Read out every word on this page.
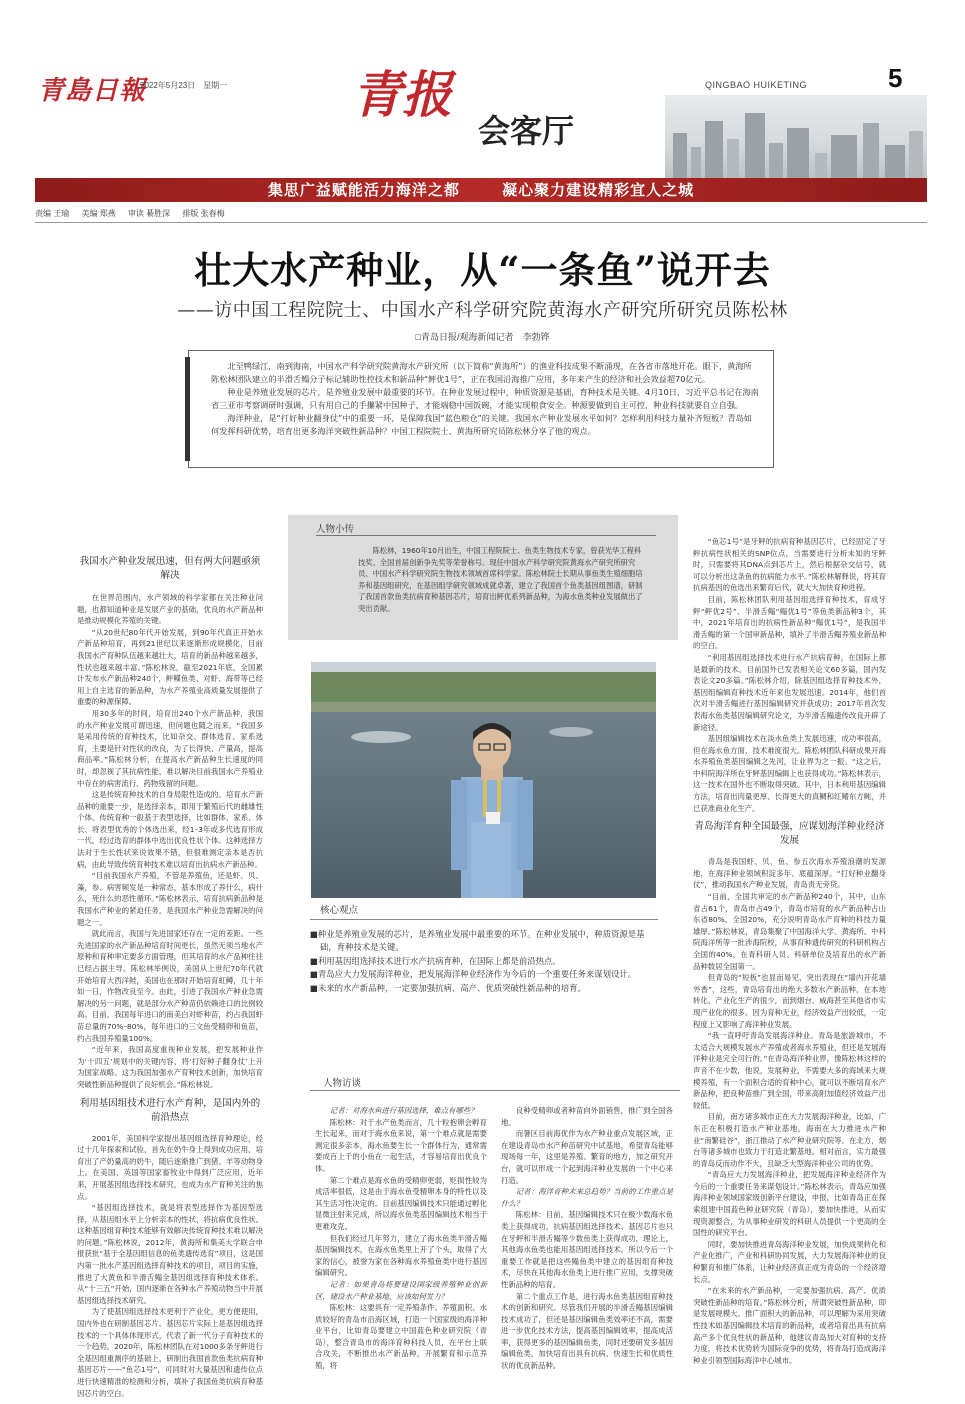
青島日報
2022年5月23日　星期一 青报
会客厅
QINGBAO HUIKETING	5
集思广益赋能活力海洋之都	凝心聚力建设精彩宜人之城
责编 王瑜 美编 郑燕 审读 綦胜深 排版 张春梅
壮大水产种业，从“一条鱼”说开去
——访中国工程院院士、中国水产科学研究院黄海水产研究所研究员陈松林
□青岛日报/观海新闻记者　李勃铧

北至鸭绿江，南到海南，中国水产科学研究院黄海水产研究所（以下简称“黄海所”）的渔业科技成果不断涌现，在各省市落地开花。眼下，黄海所陈松林团队建立的半滑舌鳎分子标记辅助性控技术和新品种“鲆优1号”，正在我国沿海推广应用，多年来产生的经济和社会效益超70亿元。

种业是养殖业发展的芯片，是养殖业发展中最重要的环节。在种业发展过程中，种质资源是基础，育种技术是关键。4月10日，习近平总书记在海南省三亚市考察调研时强调，只有用自己的手攥紧中国种子，才能端稳中国饭碗，才能实现粮食安全。种源要做到自主可控，种业科技就要自立自强。

海洋种业，是“打好种业翻身仗”中的重要一环，是保障我国“蓝色粮仓”的关键。我国水产种业发展水平如何？怎样利用科技力量补齐短板？青岛如何发挥科研优势，培育出更多海洋突破性新品种？中国工程院院士、黄海所研究员陈松林分享了他的观点。

我国水产种业发展迅速，但有两大问题亟须解决

在世界范围内，水产领域的科学家都在关注种业问题，也都知道种业是发展产业的基础，优良的水产新品种是推动规模化养殖的关键。

“从20世纪80年代开始发展，到90年代真正开始水产新品种培育，再到21世纪以来逐渐形成规模化，目前我国水产育种队伍越来越壮大，培育的新品种越来越多，性状也越来越丰富。”陈松林说，截至2021年底，全国累计发布水产新品种240个，鲆鲽鱼类、对虾、海带等已经用上自主选育的新品种，为水产养殖业高质量发展提供了重要的种源保障。

用30多年的时间，培育出240个水产新品种，我国的水产种业发展可谓迅速，但问题也随之而来。“我国多是采用传统的育种技术，比如杂交、群体选育、家系选育，主要是针对性状的改良，为了长得快、产量高，提高商品率。”陈松林分析，在提高水产新品种生长速度的同时，却忽视了其抗病性能，难以解决目前我国水产养殖业中存在的病害流行、药物残留的问题。

这是传统育种技术的自身局限性造成的。培育水产新品种的重要一步，是选择亲本，即用于繁殖后代的雌雄性个体。传统育种一般基于表型选择，比如群体、家系、体长、将表型优秀的个体选出来，经1–3年或多代选育形成一代，经过选育的群体中选出优良性状个体。这种选择方法对于生长性状来说效果不错，但很难测定亲本是否抗病，由此导致传统育种技术难以培育出抗病水产新品种。

“目前我国水产养殖，不管是养殖鱼，还是虾、贝、藻，参、病害频发是一种常态，基本形成了养什么，病什么，死什么的恶性循环。”陈松林表示，培育抗病新品种是我国水产种业的紧迫任务，是我国水产种业急需解决的问题之一。

就此而言，我国与先进国家还存在一定的差距。一些先进国家的水产新品种培育时间更长，虽然无须当地水产原种和育种率定要多方面管理，但其培育的水产品种往往已经占据主导。陈松林举例说，美国从上世纪70年代就开始培育大西洋鲑，美国也在那时开始培育虹鳟，几十年如一日，作物改良至今。由此，引进了我国水产种业急需解决的另一问题，就是部分水产种苗仍依赖进口的比例较高。目前，我国每年进口的南美白对虾种苗，约占我国虾苗总量的70%–80%，每年进口的三文鱼受精卵和鱼苗，约占我国养殖量100%。

“近年来，我国高度重视种业发展，把发展种业作为‘十四五’规划中的关键内容，将‘打好种子翻身仗’上升为国家战略。这为我国加强水产育种技术创新，加快培育突破性新品种提供了良好机会。”陈松林说。

利用基因组技术进行水产育种，是国内外的前沿热点

2001年，美国科学家提出基因组选择育种理论，经过十几年探索和试验，首先在奶牛身上得到成功应用，培育出了产奶量高的奶牛，随后逐渐推广到猪、羊等动物身上。在美国、英国等国家畜牧业中得到广泛应用，近年来，开展基因组选择技术研究，也成为水产育种关注的焦点。

“基因组选择技术，就是将表型选择作为基因型选择，从基因组水平上分析亲本的性状，将抗病优良性状。这种基因组育种技术能够有效解决传统育种技术难以解决的问题。”陈松林说，2012年，黄海所和集美大学联合申报获批“基于全基因组信息的鱼类遗传选育”项目，这是国内第一批水产基因组选择育种技术的项目，项目的实施，推进了大黄鱼和半滑舌鳎全基因组选择育种技术体系。从“十三五”开始，国内逐渐在各种水产养殖动物当中开展基因组选择技术研究。

为了使基因组选择技术更利于产业化，更方便使用，国内外也在研制基因芯片。基因芯片实际上是基因组选择技术的一个具体体现形式，代表了新一代分子育种技术的一个趋势。2020年，陈松林团队在对1000多条牙鲆进行全基因组重测序的基础上，研制出我国首款鱼类抗病育种基因芯片——“鱼芯1号”，可同时对大量基因和遗传位点进行快速精准的检测和分析，填补了我国鱼类抗病育种基因芯片的空白。

人物小传

陈松林，1960年10月出生，中国工程院院士、鱼类生物技术专家，曾获光华工程科技奖、全国首届创新争先奖等荣誉称号。现任中国水产科学研究院黄海水产研究所研究员、中国水产科学研究院生物技术领域首席科学家。陈松林院士长期从事鱼类生殖细胞培养和基因组研究，在基因组学研究领域成就卓著，建立了我国首个鱼类基因组图谱，研制了我国首款鱼类抗病育种基因芯片，培育出鲆优系列新品种，为海水鱼类种业发展做出了突出贡献。

核心观点
■种业是养殖业发展的芯片，是养殖业发展中最重要的环节。在种业发展中，种质资源是基础，育种技术是关键。
■利用基因组选择技术进行水产抗病育种，在国际上都是前沿热点。
■青岛应大力发展海洋种业，把发展海洋种业经济作为今后的一个重要任务来谋划设计。
■未来的水产新品种，一定要加强抗病、高产、优质突破性新品种的培育。
人物访谈

记者：对海水鱼进行基因选择，难点有哪些？

陈松林：对于水产鱼类而言，几十粒抱卵会孵育生长起来，而对于海水鱼来说，第一个难点就是需要测定很多亲本，海水鱼要生长一个群体行为，通常需要成百上千的小鱼在一起生活，才容易培育出优良个体。

第二个难点是海水鱼的受精卵更弱，贬损性较为成活率很低，这是由于海水鱼受精卵本身的特性以及其生活习性决定的。目前基因编辑技术只能通过孵化显微注射来完成，所以海水鱼类基因编辑技术相当于更难攻克。

但我们经过几年努力，建立了海水鱼类半滑舌鳎基因编辑技术，在海水鱼类里上开了个头，取得了大家的信心，被誉为家在各种海水养殖鱼类中进行基因编辑研究。

记者：如果青岛将要建设国家级养殖种业创新区，建设水产种业基地，应该如何发力？

陈松林：这要具有一定养殖条件、养殖面积、水质较好的青岛市沿海区域，打造一个国家级的海洋种业平台，比如青岛要建立中国蓝色种业研究院（青岛），整合青岛市的海洋育种科技人员，在平台上联合攻关，不断推出水产新品种，开展繁育和示范养殖，将

良种受精卵或者种苗向外面销售，推广到全国各地。

而暑区目前海优作为水产种业重点发展区域，正在建设青岛市水产种苗研究中试基地，希望青岛能够现场每一年，这里是养殖、繁育的地方，加之研究开台，就可以形成一个起到海洋种业发展的一个中心来打造。

记者：海洋育种未来总趋势？当前的工作重点是什么？

陈松林：目前，基因编辑技术只在极少数海水鱼类上获得成功，抗病基因组选择技术、基因芯片也只在牙鲆和半滑舌鳎等少数鱼类上获得成功，理论上，其他海水鱼类也能用基因组选择技术。所以今后一个重要工作就是把这些鳎鱼类中建立的基因组育种技术，尽快在其他海水鱼类上进行推广应用，支撑突破性新品种的培育。

第二个重点工作是，进行海水鱼类基因组育种技术的创新和研究。尽管我们开展的半滑舌鳎基因编辑技术成功了，但还是基因编辑鱼类效率还不高，需要进一步优化技术方法，提高基因编辑效率，提高成活率，获得更多的基因编辑鱼类，同时还要研发多基因编辑鱼类，加快培育出具有抗病、快速生长和优质性状的优良新品种。

“鱼芯1号”是牙鲆的抗病育种基因芯片，已经固定了牙鲆抗病性状相关的SNP位点，当需要进行分析未知的牙鲆时，只需要将其DNA点到芯片上，然后根据杂交信号，就可以分析出这条鱼的抗病能力水平。”陈松林解释说，将其育抗病基因的鱼选出来繁育后代，就大大加快育种进程。

目前，陈松林团队利用基因组选择育种技术，育成牙鲆“鲆优2号”、半滑舌鳎“鳎优1号”等鱼类新品种3个，其中，2021年培育出的抗病性新品种“鳎优1号”，是我国半滑舌鳎的第一个国审新品种，填补了半滑舌鳎养殖业新品种的空白。

“利用基因组选择技术进行水产抗病育种，在国际上都是最新的技术。目前国外已发表相关论文60多篇，国内发表论文20多篇。”陈松林介绍，除基因组选择育种技术外，基因组编辑育种技术近年来也发展迅速。2014年，他们首次对半滑舌鳎进行基因编辑研究并获成功；2017年首次发表海水鱼类基因编辑研究论文，为半滑舌鳎遗传改良开辟了新途径。

基因组编辑技术在淡水鱼类上发展迅速，成功率很高，但在海水鱼方面，技术难度很大。陈松林团队科研成果开海水养殖鱼类基因编辑之先河，让业界为之一振。“这之后，中科院海洋所在牙鲆基因编辑上也获得成功。”陈松林表示，这一技术在国外也不断取得突破。其中，日本利用基因编辑方法，培育出肉量更厚、长得更大的真鲷和红鳍东方鲀，并已获准商业化生产。

青岛海洋育种全国最强，应谋划海洋种业经济发展

青岛是我国虾、贝、鱼、参五次海水养殖浪潮的发源地，在海洋种业领域积淀多年、底蕴深厚。“打好种业翻身仗”，推动我国水产种业发展，青岛责无旁贷。

“目前，全国共审定的水产新品种240个，其中，山东省占61个，青岛市占49个，青岛市培育的水产新品种占山东省80%、全国20%，充分说明青岛水产育种的科技力量雄厚。”陈松林说，青岛集聚了中国海洋大学、黄海所、中科院海洋所等一批涉海院校，从事育种遗传研究的科研机构占全国的40%，在青科研人员、科研单位及培育出的水产新品种数居全国第一。

但青岛的“短板”也显而易见，突出表现在“墙内开花墙外香”，这些，青岛培育出的绝大多数水产新品种，在本地转化、产业化生产的很少，而到烟台、威海甚至其他省市实现产业化的很多。因为育种无业，经济效益产出较低，一定程度上又影响了海洋种业发展。

“我一直呼吁青岛发展海洋种业。青岛是旅游城市，不太适合大规模发展水产养殖或者海水养殖业，但还是发展海洋种业是完全可行的。”在青岛海洋种业界，像陈松林这样的声音不在少数，他说，发展种业，不需要大多的海域来大规模养殖，有一个面积合适的育种中心，就可以不断培育水产新品种，把良种苗推广到全国，带来高附加值经济效益产出较低。

目前，南方诸多城市正在大力发展海洋种业，比如，广东正在积极打造水产种业基地，海南在大力推进水产种业“南繁硅谷”，浙江推动了水产种业研究院等。在北方，烟台等诸多城市也致力于打造北繁基地。相对而言，实力最强的青岛反而动作不大，且缺乏大型海洋种业公司的优势。

“青岛应大力发展海洋种业，把发展海洋种业经济作为今后的一个重要任务来谋划设计。”陈松林表示，青岛应加强海洋种业领域国家级创新平台建设，申报，比如青岛正在探索组建中国蓝色种业研究院（青岛），要加快推进，从而实现资源整合，为从事种业研发的科研人员提供一个更高的全国性的研究平台。

同时，要加快推进青岛海洋种业发展，加快成果转化和产业化推广，产业和科研协同发展，大力发展海洋种业的良种繁育和推广体系，让种业经济真正成为青岛的一个经济增长点。

“在未来的水产新品种，一定要加强抗病、高产、优质突破性新品种的培育。”陈松林分析，所谓突破性新品种，即是发展规模大、推广面积大的新品种，可以理解为采用突破性技术如基因编辑技术培育的新品种，或者培育出具有抗病高产多个优良性状的新品种，他建议青岛加大对育种的支持力度，将技术优势转为国际竞争的优势，将青岛打造成海洋种业引领型国际海洋中心城市。
